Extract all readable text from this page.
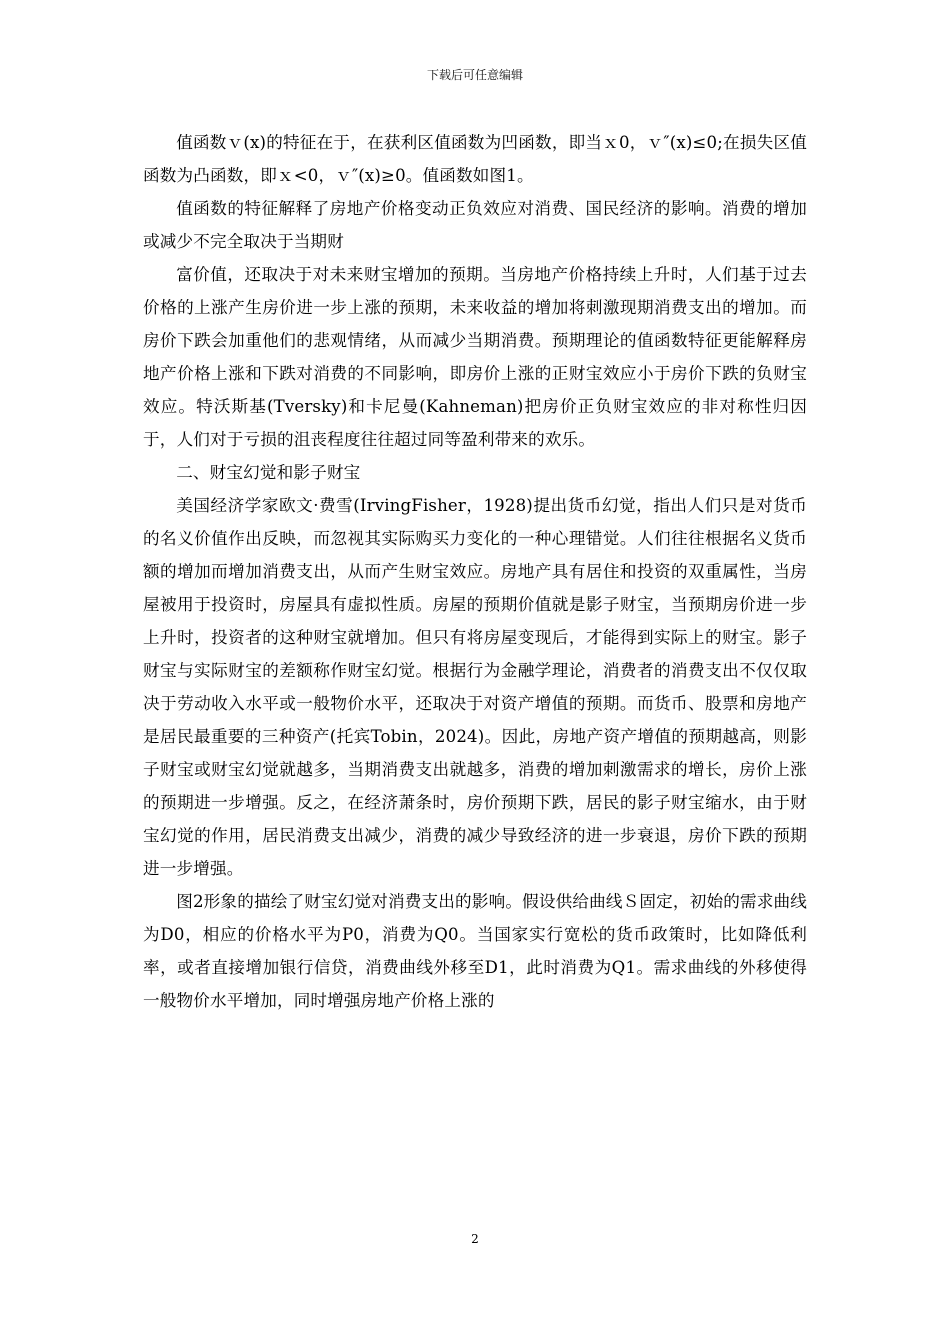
下载后可任意编辑

值函数ｖ(x)的特征在于，在获利区值函数为凹函数，即当ｘ0，ｖ″(x)≤0;在损失区值函数为凸函数，即ｘ<0，ｖ″(x)≥0。值函数如图1。

值函数的特征解释了房地产价格变动正负效应对消费、国民经济的影响。消费的增加或减少不完全取决于当期财

富价值，还取决于对未来财宝增加的预期。当房地产价格持续上升时，人们基于过去价格的上涨产生房价进一步上涨的预期，未来收益的增加将刺激现期消费支出的增加。而房价下跌会加重他们的悲观情绪，从而减少当期消费。预期理论的值函数特征更能解释房地产价格上涨和下跌对消费的不同影响，即房价上涨的正财宝效应小于房价下跌的负财宝效应。特沃斯基(Tversky)和卡尼曼(Kahneman)把房价正负财宝效应的非对称性归因于，人们对于亏损的沮丧程度往往超过同等盈利带来的欢乐。

二、财宝幻觉和影子财宝

美国经济学家欧文·费雪(IrvingFisher，1928)提出货币幻觉，指出人们只是对货币的名义价值作出反映，而忽视其实际购买力变化的一种心理错觉。人们往往根据名义货币额的增加而增加消费支出，从而产生财宝效应。房地产具有居住和投资的双重属性，当房屋被用于投资时，房屋具有虚拟性质。房屋的预期价值就是影子财宝，当预期房价进一步上升时，投资者的这种财宝就增加。但只有将房屋变现后，才能得到实际上的财宝。影子财宝与实际财宝的差额称作财宝幻觉。根据行为金融学理论，消费者的消费支出不仅仅取决于劳动收入水平或一般物价水平，还取决于对资产增值的预期。而货币、股票和房地产是居民最重要的三种资产(托宾Tobin，2024)。因此，房地产资产增值的预期越高，则影子财宝或财宝幻觉就越多，当期消费支出就越多，消费的增加刺激需求的增长，房价上涨的预期进一步增强。反之，在经济萧条时，房价预期下跌，居民的影子财宝缩水，由于财宝幻觉的作用，居民消费支出减少，消费的减少导致经济的进一步衰退，房价下跌的预期进一步增强。

图2形象的描绘了财宝幻觉对消费支出的影响。假设供给曲线Ｓ固定，初始的需求曲线为D0，相应的价格水平为P0，消费为Q0。当国家实行宽松的货币政策时，比如降低利率，或者直接增加银行信贷，消费曲线外移至D1，此时消费为Q1。需求曲线的外移使得一般物价水平增加，同时增强房地产价格上涨的

2
